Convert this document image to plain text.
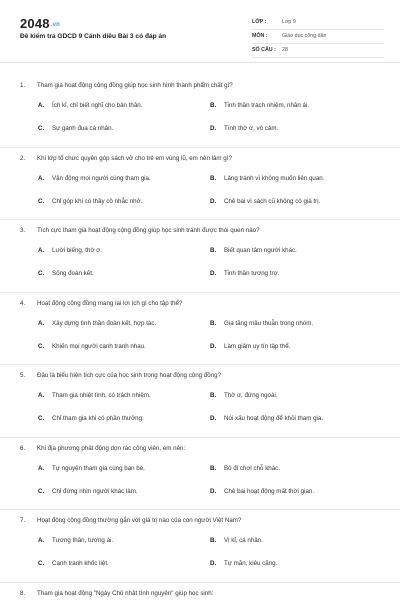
2048.vn
Đề kiểm tra GDCD 9 Cánh diều Bài 3 có đáp án
LỚP :	Lớp 9
MÔN :	Giáo dục công dân
SỐ CÂU : 28
1. Tham gia hoạt động cộng đồng giúp học sinh hình thành phẩm chất gì?
A. Ích kỉ, chỉ biết nghĩ cho bản thân.	B. Tinh thần trách nhiệm, nhân ái.
C. Sự ganh đua cá nhân.	D. Tính thờ ơ, vô cảm.
2. Khi lớp tổ chức quyên góp sách vở cho trẻ em vùng lũ, em nên làm gì?
A. Vận động mọi người cùng tham gia.	B. Lảng tránh vì không muốn liên quan.
C. Chỉ góp khi có thầy cô nhắc nhở.	D. Chê bai vì sách cũ không có giá trị.
3. Tích cực tham gia hoạt động cộng đồng giúp học sinh tránh được thói quen nào?
A. Lười biếng, thờ ơ.	B. Biết quan tâm người khác.
C. Sống đoàn kết.	D. Tinh thần tương trợ.
4. Hoạt động cộng đồng mang lại lợi ích gì cho tập thể?
A. Xây dựng tình thần đoàn kết, hợp tác.	B. Gia tăng mâu thuẫn trong nhóm.
C. Khiến mọi người cạnh tranh nhau.	D. Làm giảm uy tín tập thể.
5. Đâu là biểu hiện tích cực của học sinh trong hoạt động cộng đồng?
A. Tham gia nhiệt tình, có trách nhiệm.	B. Thờ ơ, đứng ngoài.
C. Chỉ tham gia khi có phần thưởng.	D. Nói xấu hoạt động để khỏi tham gia.
6. Khi địa phương phát động dọn rác công viên, em nên:
A. Tự nguyện tham gia cùng bạn bè.	B. Bỏ đi chơi chỗ khác.
C. Chỉ đứng nhìn người khác làm.	D. Chê bai hoạt động mất thời gian.
7. Hoạt động cộng đồng thường gắn với giá trị nào của con người Việt Nam?
A. Tương thân, tương ái.	B. Vị kỉ, cá nhân.
C. Cạnh tranh khốc liệt.	D. Tự mãn, kiêu căng.
8. Tham gia hoạt động "Ngày Chủ nhật tình nguyện" giúp học sinh:
